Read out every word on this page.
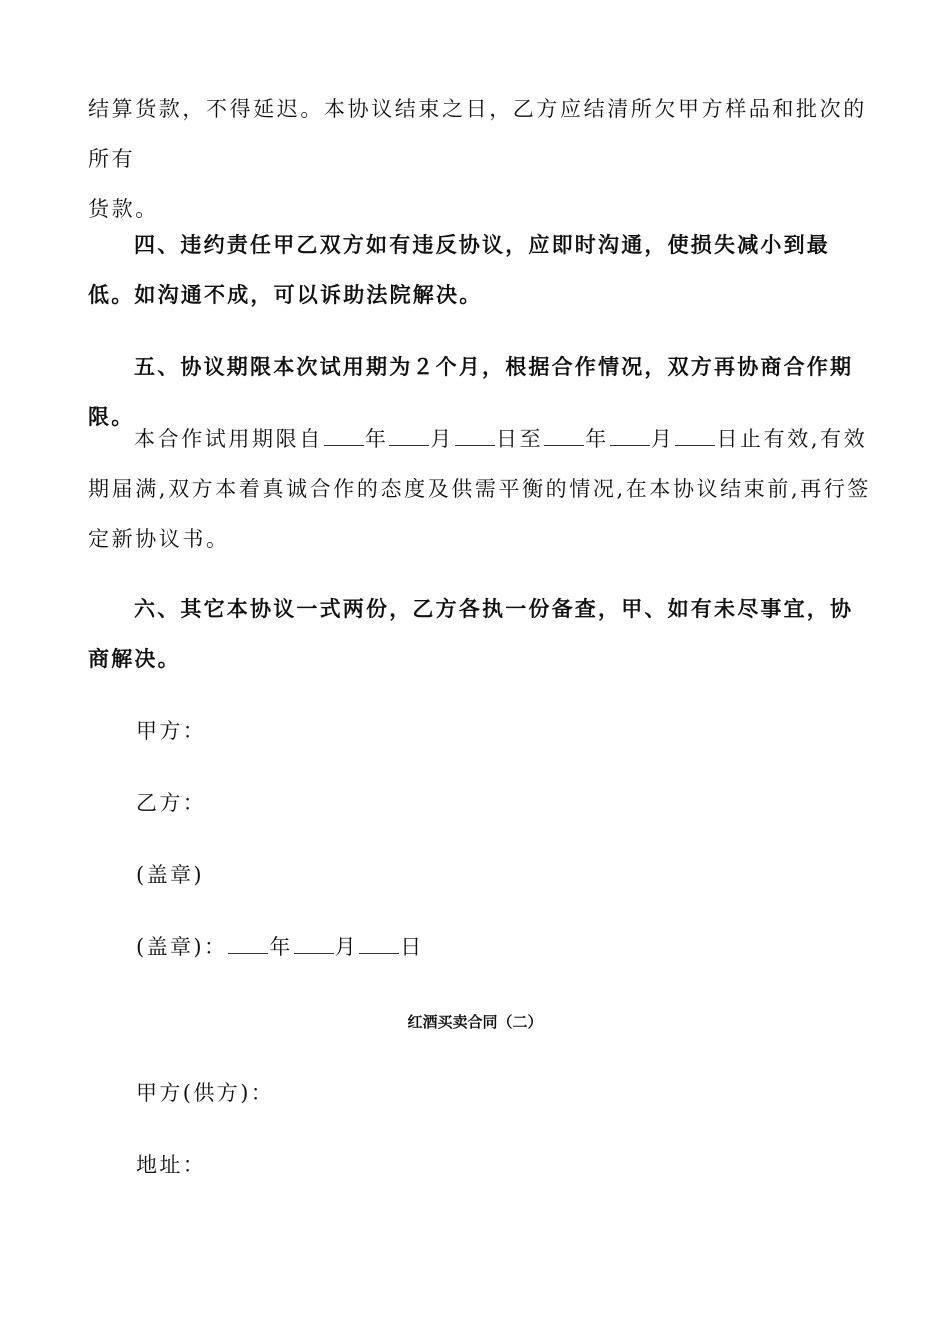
结算货款，不得延迟。本协议结束之日，乙方应结清所欠甲方样品和批次的所有
货款。

四、违约责任甲乙双方如有违反协议，应即时沟通，使损失减小到最低。如沟通不成，可以诉助法院解决。

五、协议期限本次试用期为２个月，根据合作情况，双方再协商合作期限。

本合作试用期限自 年 月 日至 年 月 日止有效,有效期届满,双方本着真诚合作的态度及供需平衡的情况,在本协议结束前,再行签定新协议书。

六、其它本协议一式两份，乙方各执一份备查，甲、如有未尽事宜，协商解决。

甲方：

乙方：

(盖章)

(盖章)： 年 月 日

红酒买卖合同（二）

甲方(供方)：

地址：
